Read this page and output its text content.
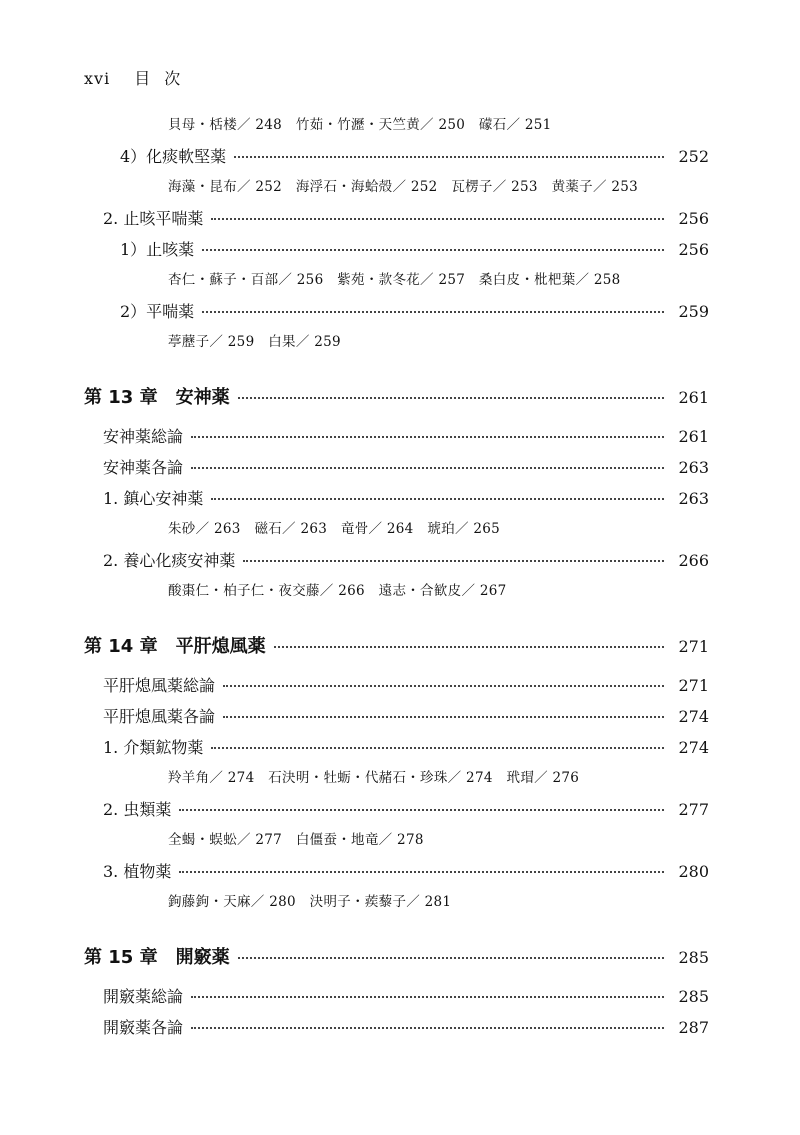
xvi 目次
貝母・栝楼／ 248　竹茹・竹瀝・天竺黄／ 250　礞石／ 251
4）化痰軟堅薬	252
海藻・昆布／ 252　海浮石・海蛤殻／ 252　瓦楞子／ 253　黄薬子／ 253
2. 止咳平喘薬	256
1）止咳薬	256
杏仁・蘇子・百部／ 256　紫苑・款冬花／ 257　桑白皮・枇杷葉／ 258
2）平喘薬	259
葶藶子／ 259　白果／ 259
第 13 章 安神薬	261
安神薬総論	261
安神薬各論	263
1. 鎮心安神薬	263
朱砂／ 263　磁石／ 263　竜骨／ 264　琥珀／ 265
2. 養心化痰安神薬	266
酸棗仁・柏子仁・夜交藤／ 266　遠志・合歓皮／ 267
第 14 章 平肝熄風薬	271
平肝熄風薬総論	271
平肝熄風薬各論	274
1. 介類鉱物薬	274
羚羊角／ 274　石決明・牡蛎・代赭石・珍珠／ 274　玳瑁／ 276
2. 虫類薬	277
全蝎・蜈蚣／ 277　白僵蚕・地竜／ 278
3. 植物薬	280
鉤藤鉤・天麻／ 280　決明子・蒺藜子／ 281
第 15 章 開竅薬	285
開竅薬総論	285
開竅薬各論	287
